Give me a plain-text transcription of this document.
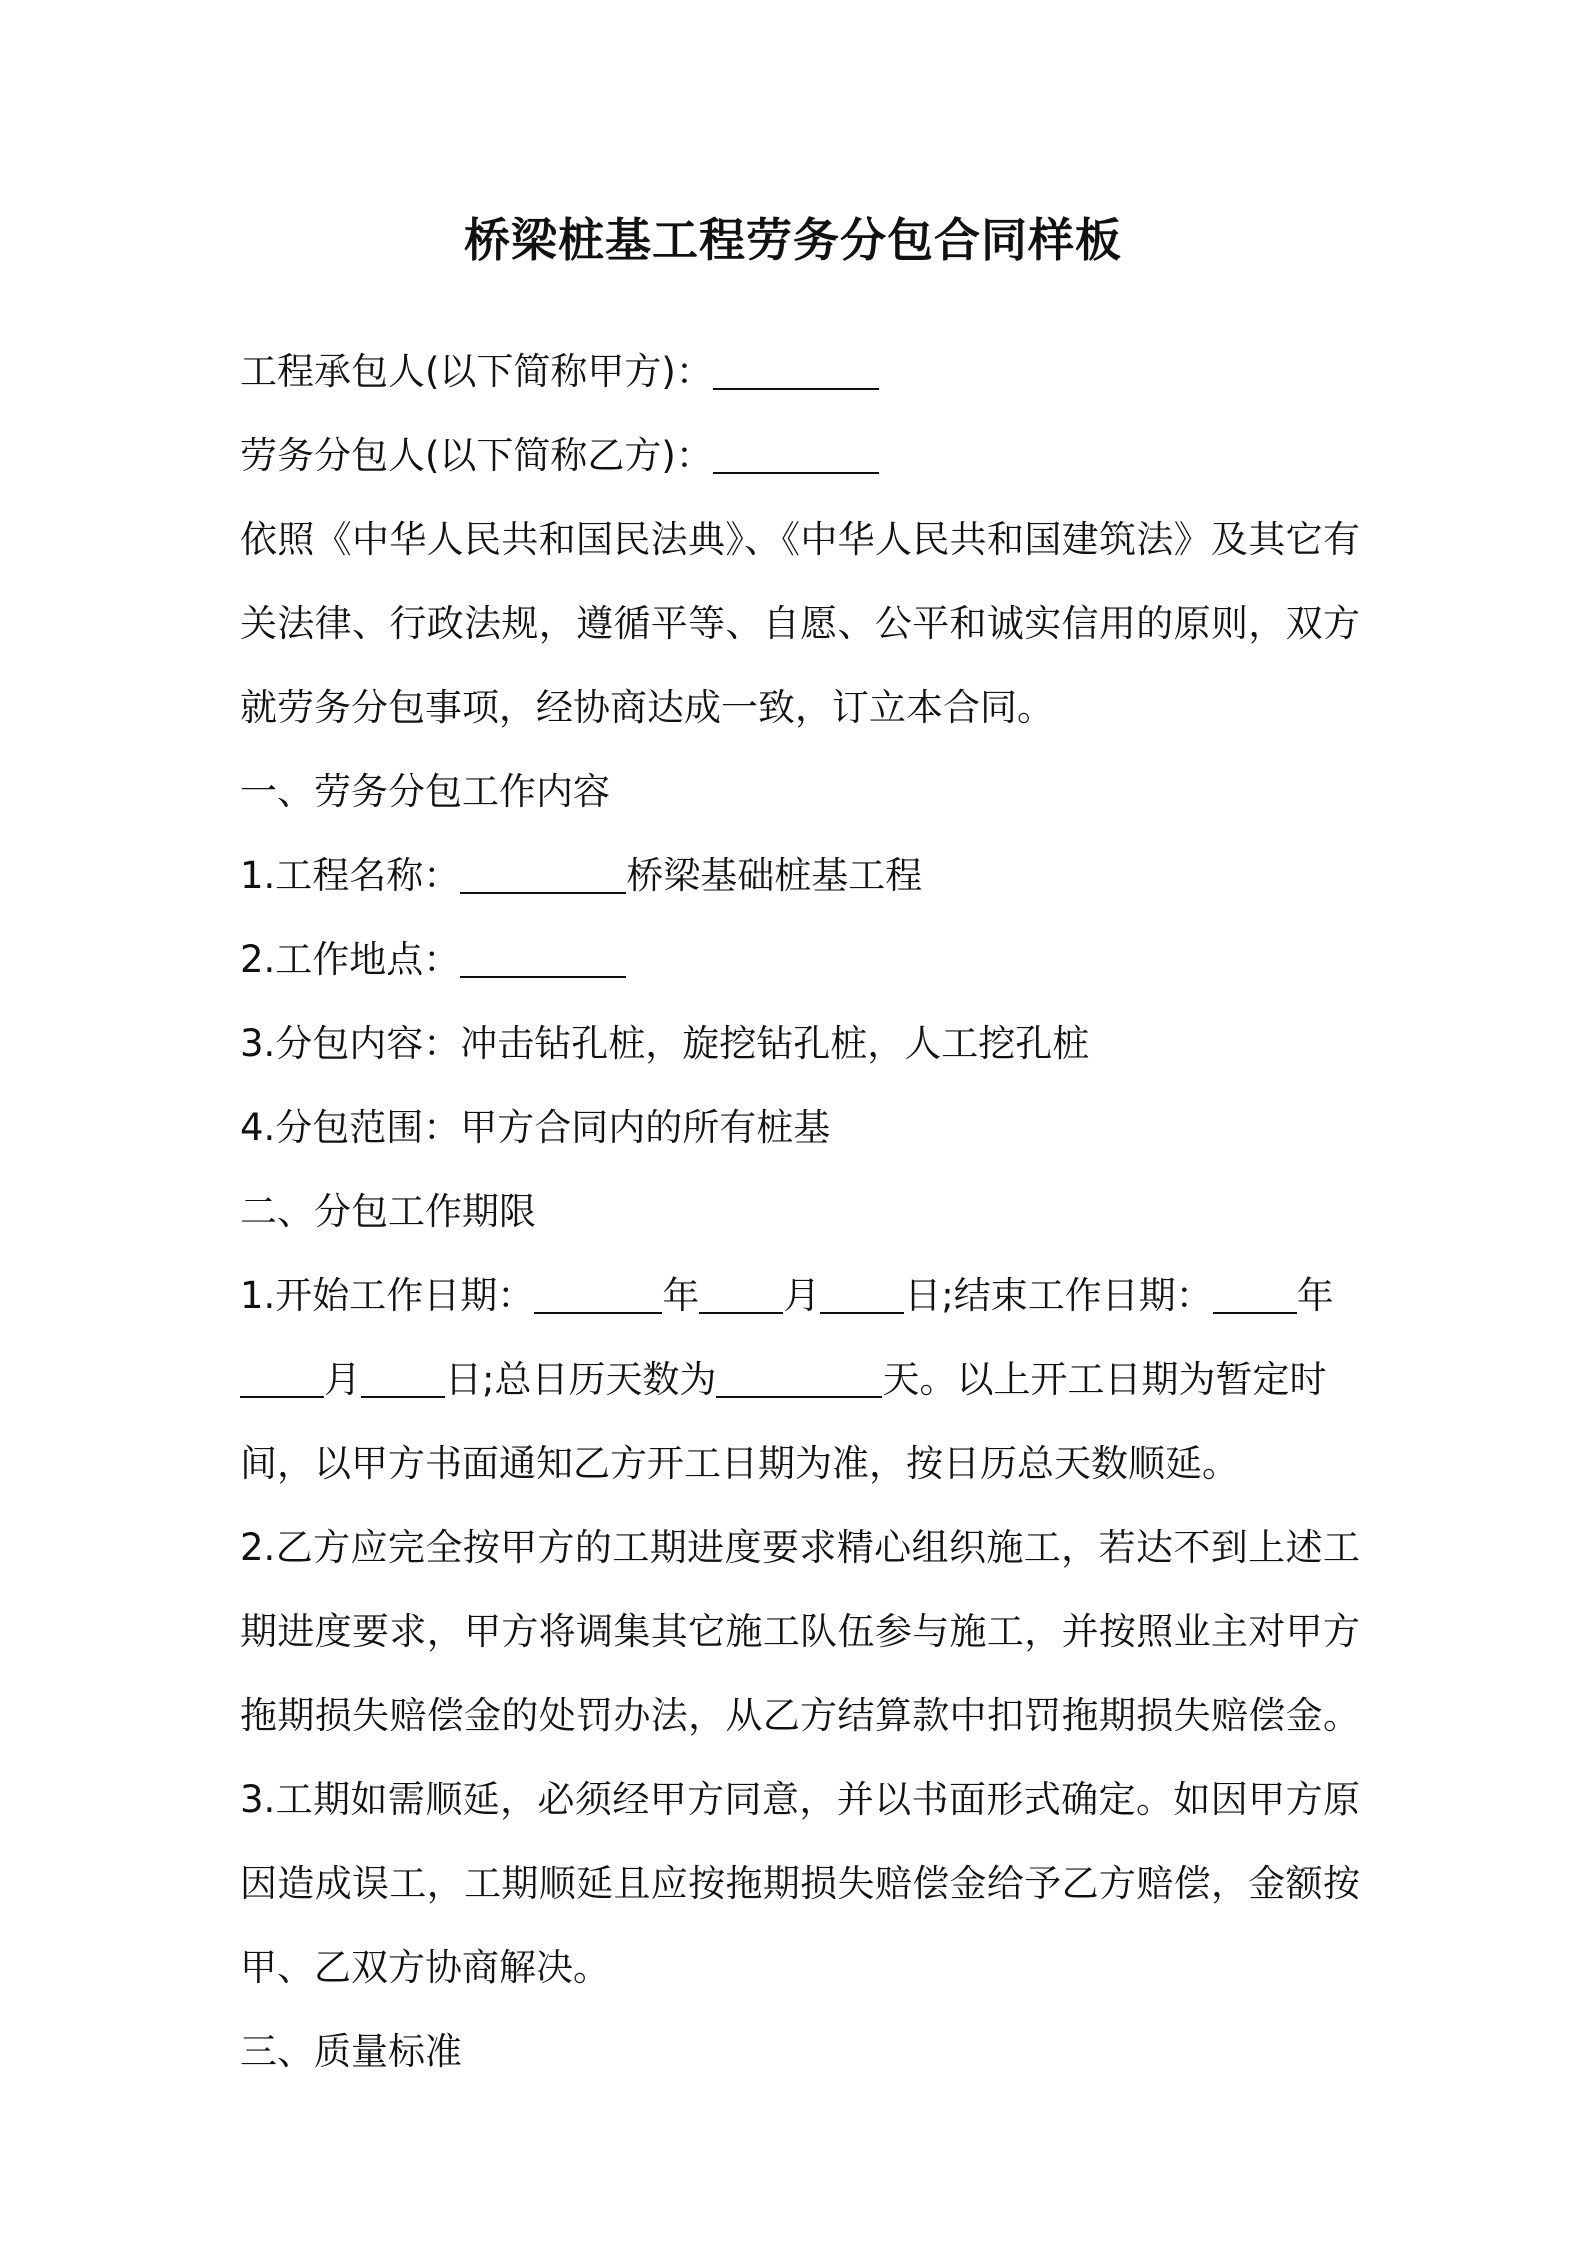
桥梁桩基工程劳务分包合同样板
工程承包人(以下简称甲方)：
劳务分包人(以下简称乙方)：
依照《中华人民共和国民法典》、《中华人民共和国建筑法》及其它有
关法律、行政法规，遵循平等、自愿、公平和诚实信用的原则，双方
就劳务分包事项，经协商达成一致，订立本合同。
一、劳务分包工作内容
1.工程名称：	桥梁基础桩基工程
2.工作地点：
3.分包内容：冲击钻孔桩，旋挖钻孔桩，人工挖孔桩
4.分包范围：甲方合同内的所有桩基
二、分包工作期限
1.开始工作日期：	年 月 日;结束工作日期： 年
月 日;总日历天数为	天。以上开工日期为暂定时
间，以甲方书面通知乙方开工日期为准，按日历总天数顺延。
2.乙方应完全按甲方的工期进度要求精心组织施工，若达不到上述工
期进度要求，甲方将调集其它施工队伍参与施工，并按照业主对甲方
拖期损失赔偿金的处罚办法，从乙方结算款中扣罚拖期损失赔偿金。
3.工期如需顺延，必须经甲方同意，并以书面形式确定。如因甲方原
因造成误工，工期顺延且应按拖期损失赔偿金给予乙方赔偿，金额按
甲、乙双方协商解决。
三、质量标准
